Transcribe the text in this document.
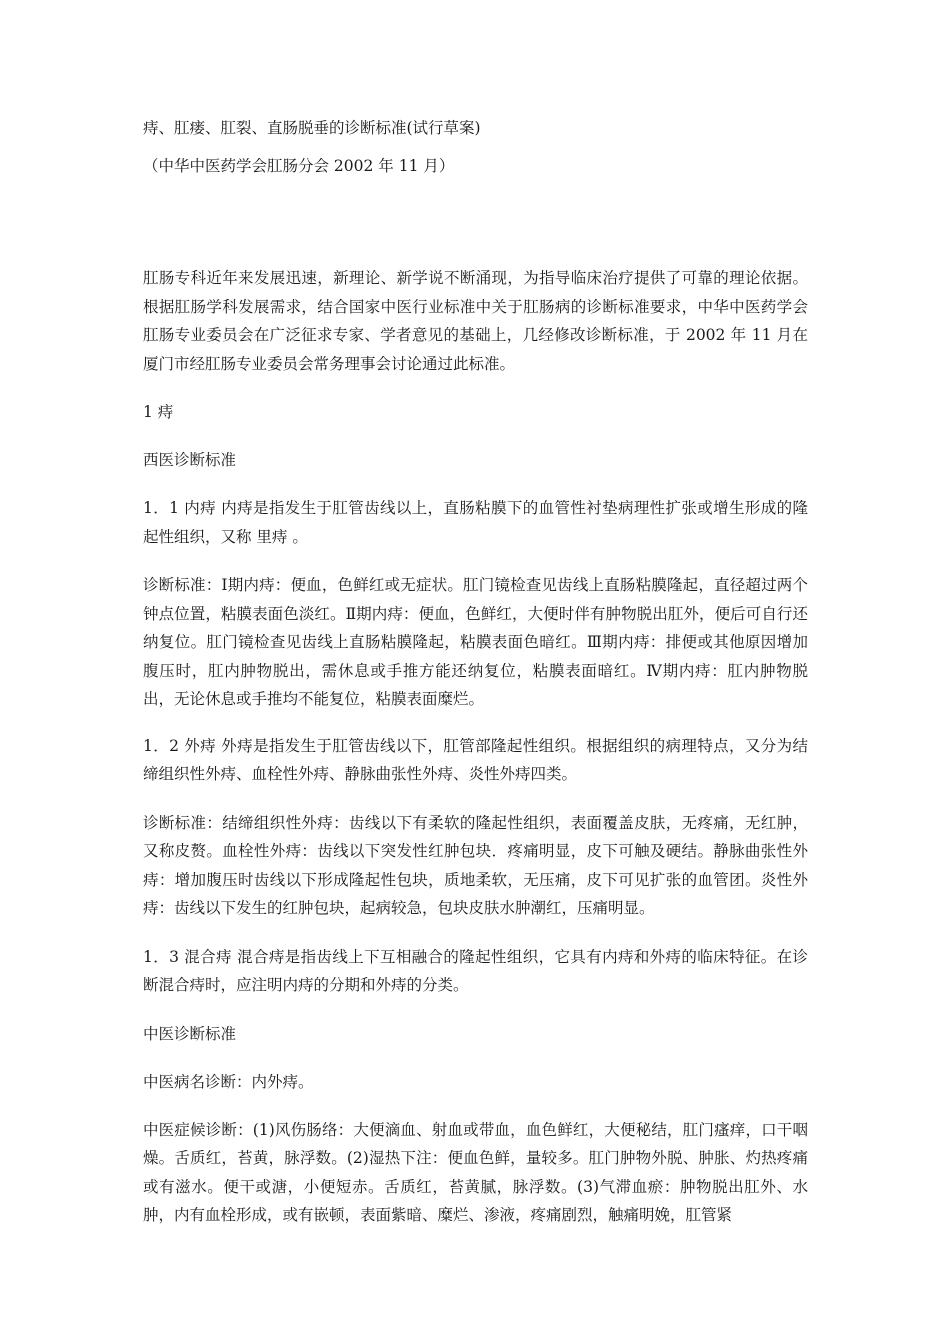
痔、肛瘘、肛裂、直肠脱垂的诊断标准(试行草案)
（中华中医药学会肛肠分会 2002 年 11 月）

肛肠专科近年来发展迅速，新理论、新学说不断涌现，为指导临床治疗提供了可靠的理论依据。根据肛肠学科发展需求，结合国家中医行业标准中关于肛肠病的诊断标准要求，中华中医药学会肛肠专业委员会在广泛征求专家、学者意见的基础上，几经修改诊断标准，于 2002 年 11 月在厦门市经肛肠专业委员会常务理事会讨论通过此标准。

1 痔

西医诊断标准

1．1 内痔 内痔是指发生于肛管齿线以上，直肠粘膜下的血管性衬垫病理性扩张或增生形成的隆起性组织，又称 里痔 。

诊断标准：Ⅰ期内痔：便血，色鲜红或无症状。肛门镜检查见齿线上直肠粘膜隆起，直径超过两个钟点位置，粘膜表面色淡红。Ⅱ期内痔：便血，色鲜红，大便时伴有肿物脱出肛外，便后可自行还纳复位。肛门镜检查见齿线上直肠粘膜隆起，粘膜表面色暗红。Ⅲ期内痔：排便或其他原因增加腹压时，肛内肿物脱出，需休息或手推方能还纳复位，粘膜表面暗红。Ⅳ期内痔：肛内肿物脱出，无论休息或手推均不能复位，粘膜表面糜烂。

1．2 外痔 外痔是指发生于肛管齿线以下，肛管部隆起性组织。根据组织的病理特点，又分为结缔组织性外痔、血栓性外痔、静脉曲张性外痔、炎性外痔四类。

诊断标准：结缔组织性外痔：齿线以下有柔软的隆起性组织，表面覆盖皮肤，无疼痛，无红肿，又称皮赘。血栓性外痔：齿线以下突发性红肿包块．疼痛明显，皮下可触及硬结。静脉曲张性外痔：增加腹压时齿线以下形成隆起性包块，质地柔软，无压痛，皮下可见扩张的血管团。炎性外痔：齿线以下发生的红肿包块，起病较急，包块皮肤水肿潮红，压痛明显。

1．3 混合痔 混合痔是指齿线上下互相融合的隆起性组织，它具有内痔和外痔的临床特征。在诊断混合痔时，应注明内痔的分期和外痔的分类。

中医诊断标准

中医病名诊断：内外痔。

中医症候诊断：(1)风伤肠络：大便滴血、射血或带血，血色鲜红，大便秘结，肛门瘙痒，口干咽燥。舌质红，苔黄，脉浮数。(2)湿热下注：便血色鲜，量较多。肛门肿物外脱、肿胀、灼热疼痛或有滋水。便干或溏，小便短赤。舌质红，苔黄腻，脉浮数。(3)气滞血瘀：肿物脱出肛外、水肿，内有血栓形成，或有嵌顿，表面紫暗、糜烂、渗液，疼痛剧烈，触痛明娩，肛管紧
